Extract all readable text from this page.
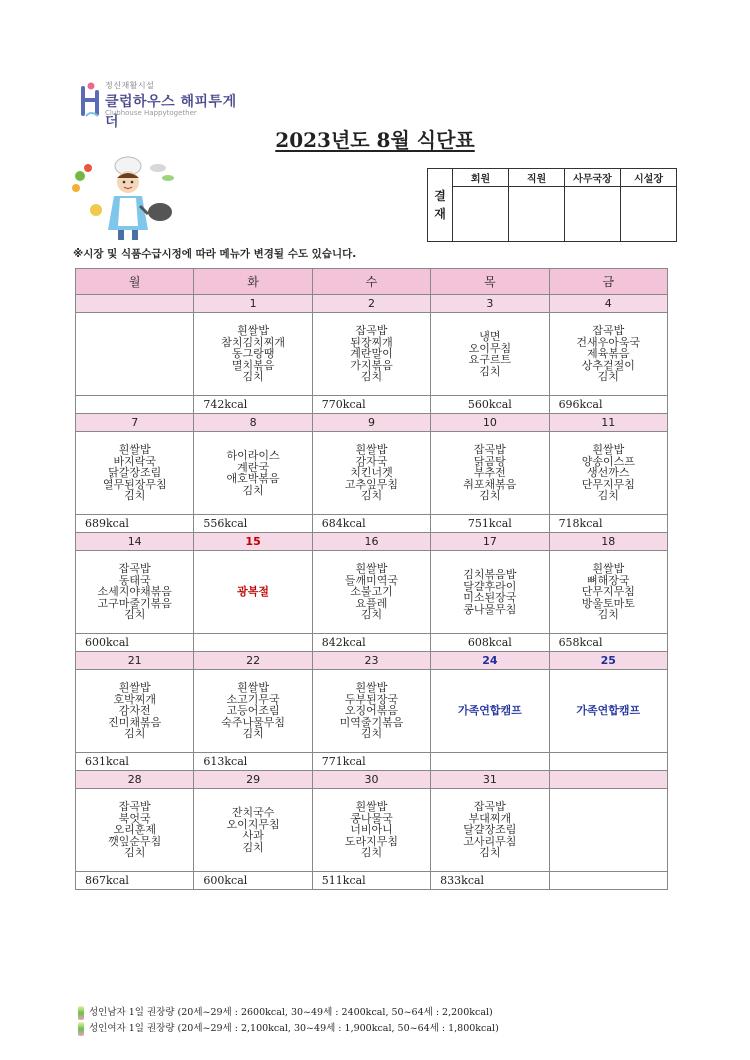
정신재활시설
클럽하우스 해피투게더
Clubhouse Happytogether
2023년도 8월 식단표
결
재	회원	직원	사무국장	시설장

※시장 및 식품수급시정에 따라 메뉴가 변경될 수도 있습니다.
월	화	수	목	금
	1	2	3	4

	흰쌀밥
참치김치찌개
동그랑땡
멸치볶음
김치	잡곡밥
된장찌개
계란말이
가지볶음
김치	냉면
오이무침
요구르트
김치	잡곡밥
건새우아욱국
제육볶음
상추겉절이
김치

	742kcal	770kcal	560kcal	696kcal
7	8	9	10	11

흰쌀밥
바지락국
닭갈장조림
열무된장무침
김치	하이라이스
계란국
애호박볶음
김치	흰쌀밥
감자국
치킨너겟
고추잎무침
김치	잡곡밥
닭곰탕
부추전
취포채볶음
김치	흰쌀밥
양송이스프
생선까스
단무지무침
김치

689kcal	556kcal	684kcal	751kcal	718kcal
14	15	16	17	18

잡곡밥
동태국
소세지야채볶음
고구마줄기볶음
김치	광복절	흰쌀밥
들깨미역국
소불고기
요플레
김치	김치볶음밥
달걀후라이
미소된장국
콩나물무침	흰쌀밥
뼈해장국
단무지무침
방울토마토
김치

600kcal		842kcal	608kcal	658kcal
21	22	23	24	25

흰쌀밥
호박찌개
감자전
진미채볶음
김치	흰쌀밥
소고기무국
고등어조림
숙주나물무침
김치	흰쌀밥
두부된장국
오징어볶음
미역줄기볶음
김치	가족연합캠프	가족연합캠프
631kcal	613kcal	771kcal		
28	29	30	31	

잡곡밥
북엇국
오리훈제
깻잎순무침
김치	잔치국수
오이지무침
사과
김치	흰쌀밥
콩나물국
너비아니
도라지무침
김치	잡곡밥
부대찌개
달걀장조림
고사리무침
김치	

867kcal	600kcal	511kcal	833kcal	
성인남자 1일 권장량 (20세~29세 : 2600kcal, 30~49세 : 2400kcal, 50~64세 : 2,200kcal)
성인여자 1일 권장량 (20세~29세 : 2,100kcal, 30~49세 : 1,900kcal, 50~64세 : 1,800kcal)
